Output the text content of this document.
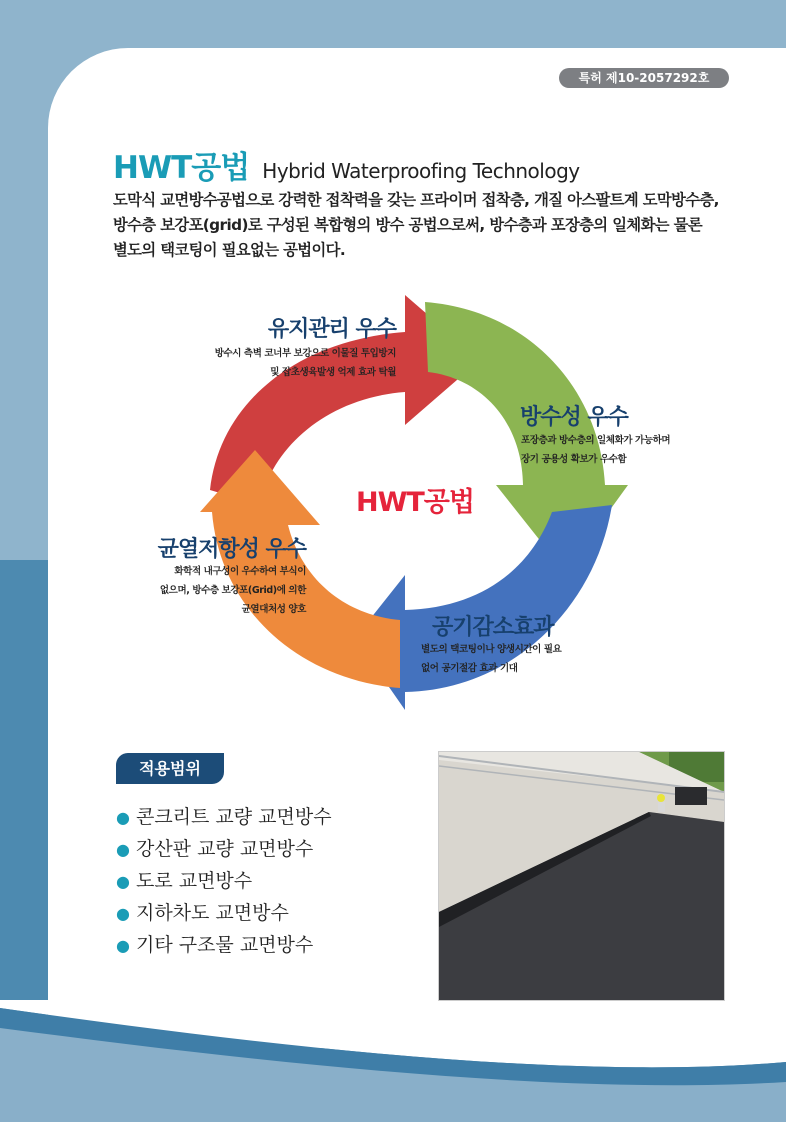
특허 제10-2057292호
HWT공법 Hybrid Waterproofing Technology
도막식 교면방수공법으로 강력한 접착력을 갖는 프라이머 접착층, 개질 아스팔트계 도막방수층,
방수층 보강포(grid)로 구성된 복합형의 방수 공법으로써, 방수층과 포장층의 일체화는 물론
별도의 택코팅이 필요없는 공법이다.
HWT공법
유지관리 우수
방수시 측벽 코너부 보강으로 이물질 투입방지
및 잡초생육발생 억제 효과 탁월
방수성 우수
포장층과 방수층의 일체화가 가능하며
장기 공용성 확보가 우수함
공기감소효과
별도의 택코팅이나 양생시간이 필요
없어 공기절감 효과 기대
균열저항성 우수
화학적 내구성이 우수하여 부식이
없으며, 방수층 보강포(Grid)에 의한
균열대처성 양호
적용범위
● 콘크리트 교량 교면방수
● 강산판 교량 교면방수
● 도로 교면방수
● 지하차도 교면방수
● 기타 구조물 교면방수
